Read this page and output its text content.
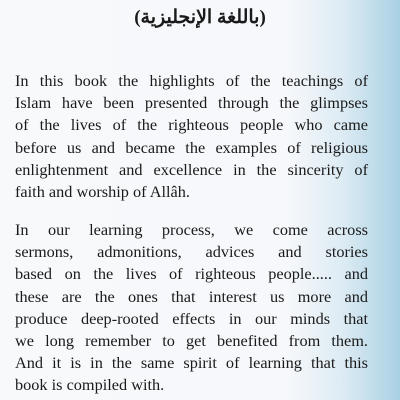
(باللغة الإنجليزية)
In this book the highlights of the teachings of
Islam have been presented through the glimpses
of the lives of the righteous people who came
before us and became the examples of religious
enlightenment and excellence in the sincerity of
faith and worship of Allâh.
In our learning process, we come across
sermons, admonitions, advices and stories
based on the lives of righteous people..... and
these are the ones that interest us more and
produce deep-rooted effects in our minds that
we long remember to get benefited from them.
And it is in the same spirit of learning that this
book is compiled with.
